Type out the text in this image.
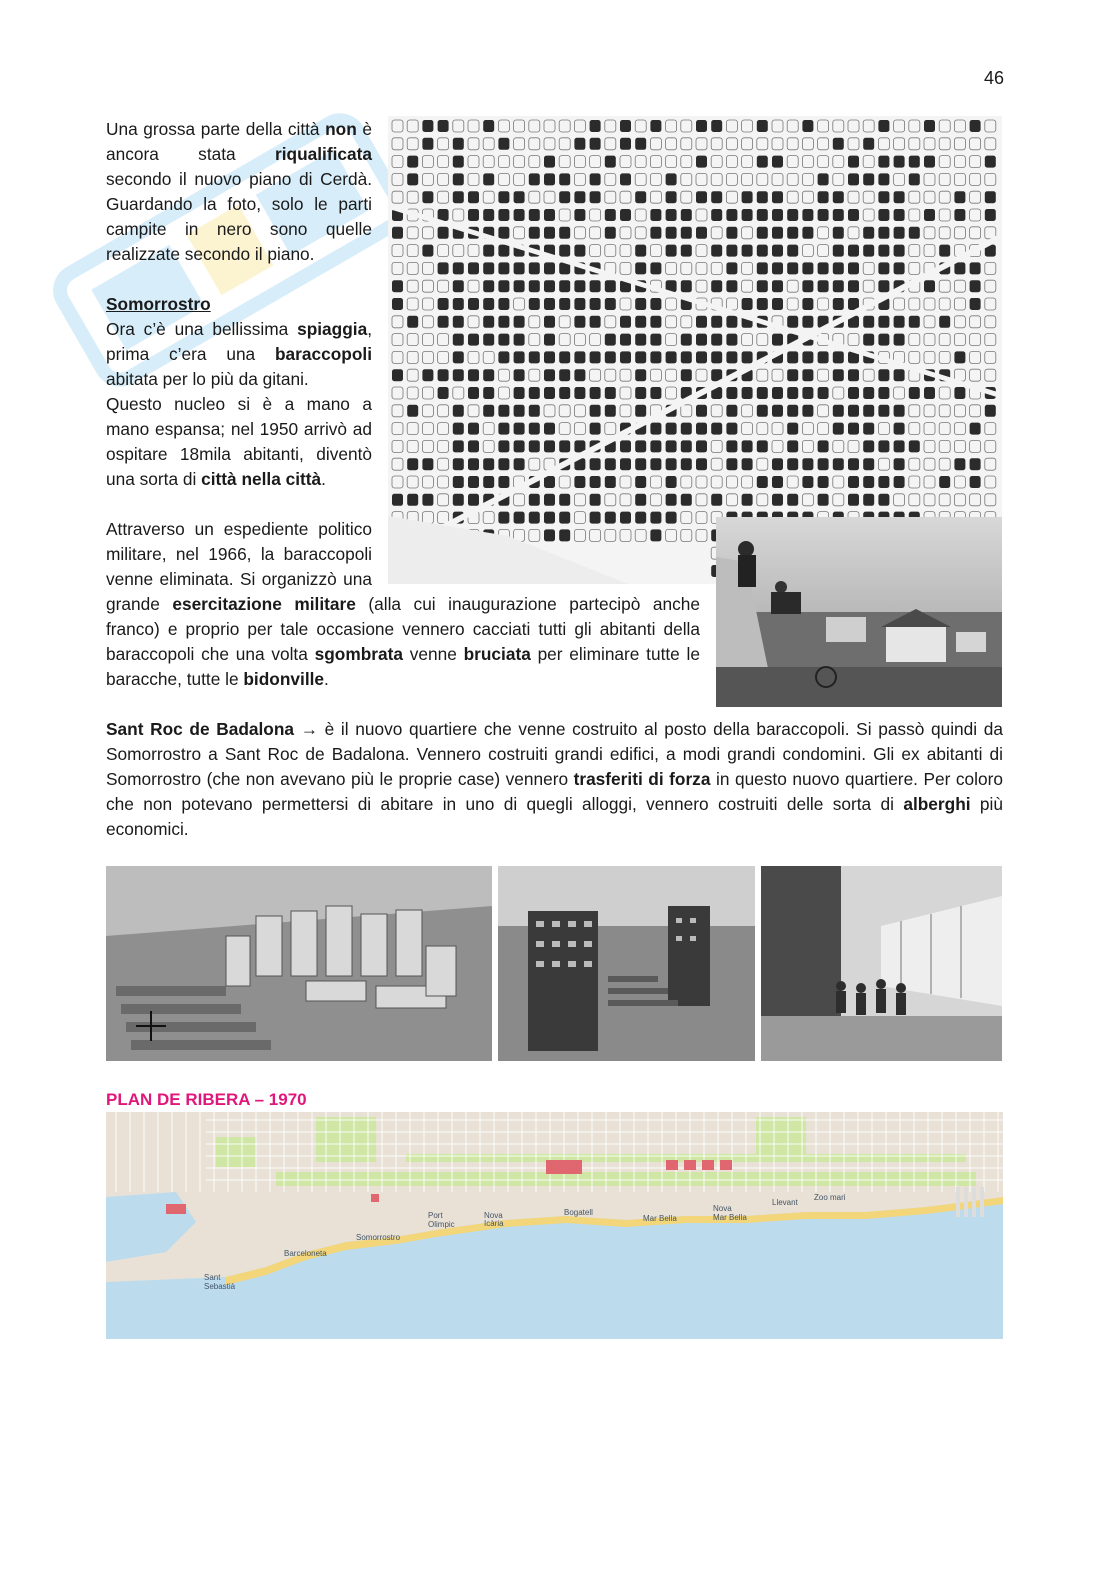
46
Una grossa parte della città non è ancora stata riqualificata secondo il nuovo piano di Cerdà. Guardando la foto, solo le parti campite in nero sono quelle realizzate secondo il piano.
Somorrostro
Ora c’è una bellissima spiaggia, prima c’era una baraccopoli abitata per lo più da gitani.
Questo nucleo si è a mano a mano espansa; nel 1950 arrivò ad ospitare 18mila abitanti, diventò una sorta di città nella città.
Attraverso un espediente politico militare, nel 1966, la baraccopoli venne eliminata. Si organizzò una grande esercitazione militare (alla cui inaugurazione partecipò anche franco) e proprio per tale occasione vennero cacciati tutti gli abitanti della baraccopoli che una volta sgombrata venne bruciata per eliminare tutte le baracche, tutte le bidonville.
Sant Roc de Badalona → è il nuovo quartiere che venne costruito al posto della baraccopoli. Si passò quindi da Somorrostro a Sant Roc de Badalona. Vennero costruiti grandi edifici, a modi grandi condomini. Gli ex abitanti di Somorrostro (che non avevano più le proprie case) vennero trasferiti di forza in questo nuovo quartiere. Per coloro che non potevano permettersi di abitare in uno di quegli alloggi, vennero costruiti delle sorta di alberghi più economici.
PLAN DE RIBERA – 1970
Somorrostro
Barceloneta
Sant
Sebastià
Port
Olimpic
Nova
Icària
Bogatell
Mar Bella
Nova
Mar Bella
Llevant
Zoo mari
